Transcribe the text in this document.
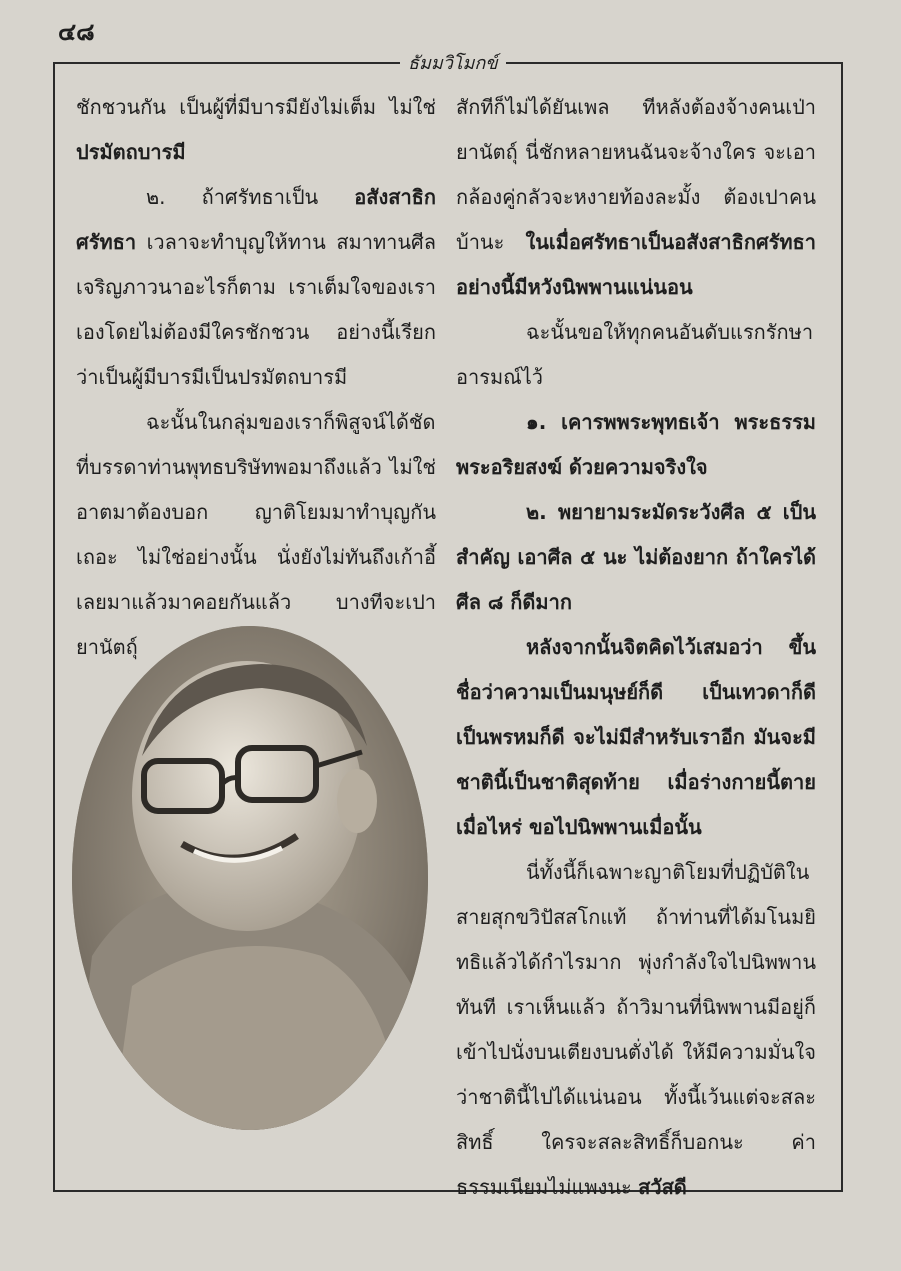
๔๘
ธัมมวิโมกข์

ชักชวนกัน เป็นผู้ที่มีบารมียังไม่เต็ม ไม่ใช่ ปรมัตถบารมี

๒. ถ้าศรัทธาเป็น อสังสาธิกศรัทธา เวลาจะทำบุญให้ทาน สมาทานศีล เจริญภาวนาอะไรก็ตาม เราเต็มใจของเราเองโดยไม่ต้องมีใครชักชวน อย่างนี้เรียกว่าเป็นผู้มีบารมีเป็นปรมัตถบารมี

ฉะนั้นในกลุ่มของเราก็พิสูจน์ได้ชัด ที่บรรดาท่านพุทธบริษัทพอมาถึงแล้ว ไม่ใช่อาตมาต้องบอก ญาติโยมมาทำบุญกันเถอะ ไม่ใช่อย่างนั้น นั่งยังไม่ทันถึงเก้าอี้เลยมาแล้วมาคอยกันแล้ว บางทีจะเปายานัตถุ์

สักทีก็ไม่ได้ยันเพล ทีหลังต้องจ้างคนเป่ายานัตถุ์ นี่ชักหลายหนฉันจะจ้างใคร จะเอากล้องคู่กลัวจะหงายท้องละมั้ง ต้องเปาคนบ้านะ ในเมื่อศรัทธาเป็นอสังสาธิกศรัทธาอย่างนี้มีหวังนิพพานแน่นอน

ฉะนั้นขอให้ทุกคนอันดับแรกรักษาอารมณ์ไว้

๑. เคารพพระพุทธเจ้า พระธรรม พระอริยสงฆ์ ด้วยความจริงใจ

๒. พยายามระมัดระวังศีล ๕ เป็นสำคัญ เอาศีล ๕ นะ ไม่ต้องยาก ถ้าใครได้ศีล ๘ ก็ดีมาก

หลังจากนั้นจิตคิดไว้เสมอว่า ขึ้นชื่อว่าความเป็นมนุษย์ก็ดี เป็นเทวดาก็ดี เป็นพรหมก็ดี จะไม่มีสำหรับเราอีก มันจะมีชาตินี้เป็นชาติสุดท้าย เมื่อร่างกายนี้ตายเมื่อไหร่ ขอไปนิพพานเมื่อนั้น

นี่ทั้งนี้ก็เฉพาะญาติโยมที่ปฏิบัติในสายสุกขวิปัสสโกแท้ ถ้าท่านที่ได้มโนมยิทธิแล้วได้กำไรมาก พุ่งกำลังใจไปนิพพานทันที เราเห็นแล้ว ถ้าวิมานที่นิพพานมีอยู่ก็เข้าไปนั่งบนเตียงบนตั่งได้ ให้มีความมั่นใจว่าชาตินี้ไปได้แน่นอน ทั้งนี้เว้นแต่จะสละสิทธิ์ ใครจะสละสิทธิ์ก็บอกนะ ค่าธรรมเนียมไม่แพงนะ สวัสดี
